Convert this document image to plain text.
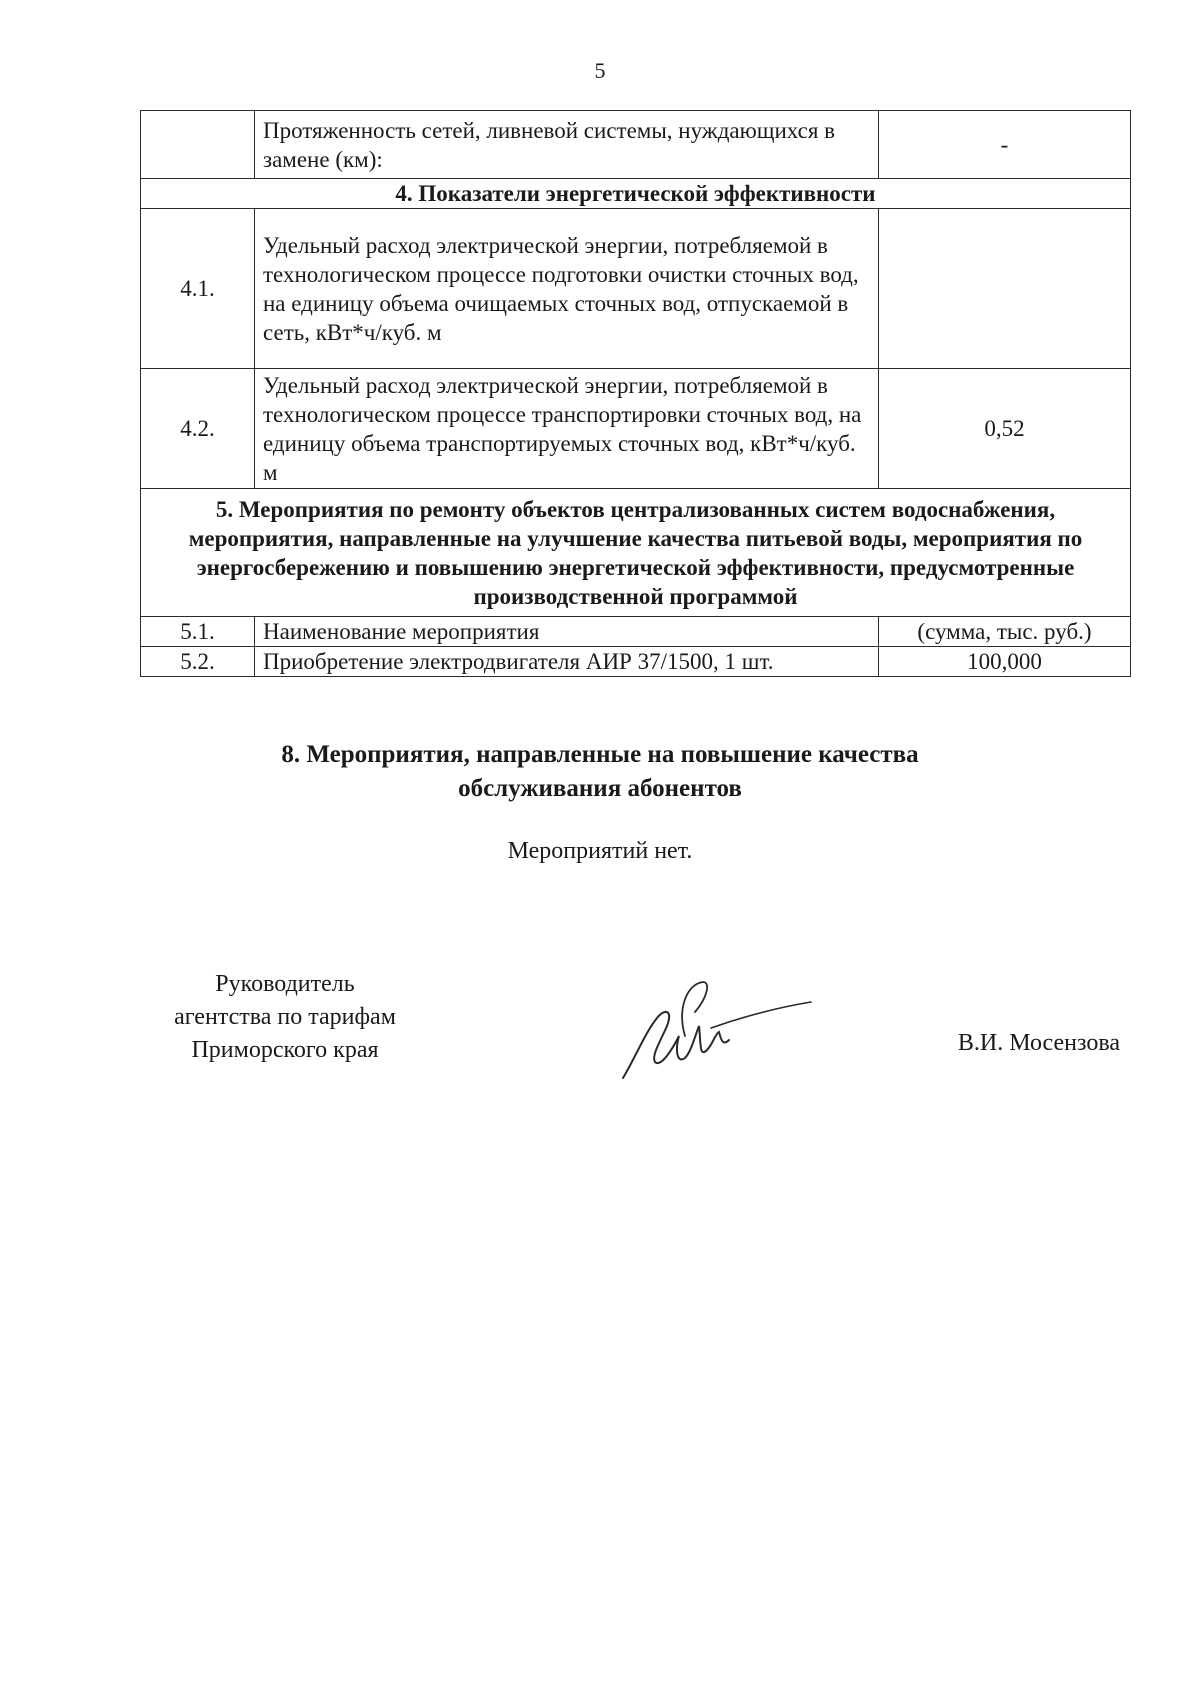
5
	Протяженность сетей, ливневой системы, нуждающихся в замене (км):	-
4. Показатели энергетической эффективности		
4.1.	Удельный расход электрической энергии, потребляемой в технологическом процессе подготовки очистки сточных вод, на единицу объема очищаемых сточных вод, отпускаемой в сеть, кВт*ч/куб. м	
4.2.	Удельный расход электрической энергии, потребляемой в технологическом процессе транспортировки сточных вод, на единицу объема транспортируемых сточных вод, кВт*ч/куб. м	0,52
5. Мероприятия по ремонту объектов централизованных систем водоснабжения, мероприятия, направленные на улучшение качества питьевой воды, мероприятия по энергосбережению и повышению энергетической эффективности, предусмотренные производственной программой		
5.1.	Наименование мероприятия	(сумма, тыс. руб.)
5.2.	Приобретение электродвигателя АИР 37/1500, 1 шт.	100,000
8. Мероприятия, направленные на повышение качества
обслуживания абонентов
Мероприятий нет.
Руководитель
агентства по тарифам
Приморского края	В.И. Мосензова
